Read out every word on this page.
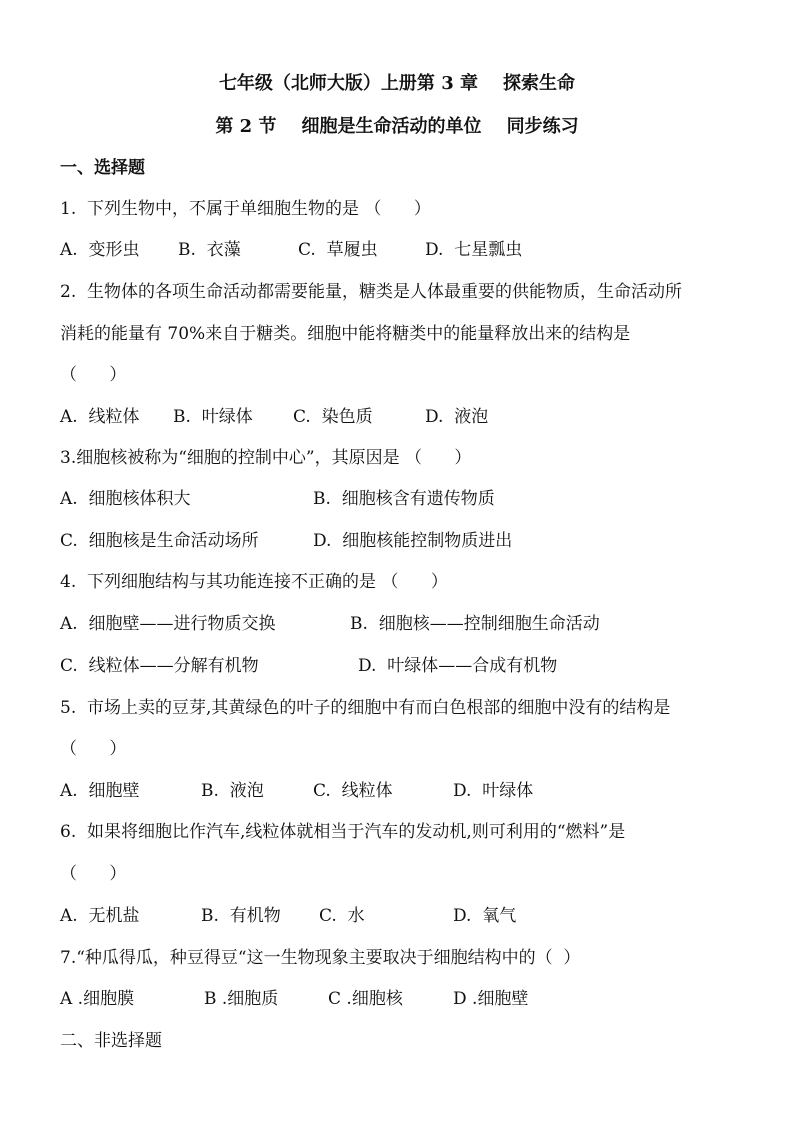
七年级（北师大版）上册第 3 章    探索生命
第 2 节    细胞是生命活动的单位    同步练习
一、选择题
1.  下列生物中，不属于单细胞生物的是 （      ）
A.  变形虫 B.  衣藻	C.  草履虫	D.  七星瓢虫
2.  生物体的各项生命活动都需要能量，糖类是人体最重要的供能物质，生命活动所
消耗的能量有 70%来自于糖类。细胞中能将糖类中的能量释放出来的结构是
（      ）
A.  线粒体 B.  叶绿体 C.  染色质	D.  液泡
3.细胞核被称为“细胞的控制中心”，其原因是 （      ）
A.  细胞核体积大	B.  细胞核含有遗传物质
C.  细胞核是生命活动场所	D.  细胞核能控制物质进出
4.  下列细胞结构与其功能连接不正确的是 （      ）
A.  细胞壁——进行物质交换	B.  细胞核——控制细胞生命活动
C.  线粒体——分解有机物	D.  叶绿体——合成有机物
5.  市场上卖的豆芽,其黄绿色的叶子的细胞中有而白色根部的细胞中没有的结构是
（      ）
A.  细胞壁	B.  液泡	C.  线粒体	D.  叶绿体
6.  如果将细胞比作汽车,线粒体就相当于汽车的发动机,则可利用的“燃料”是
（      ）
A.  无机盐	B.  有机物 C.  水	D.  氧气
7.“种瓜得瓜，种豆得豆“这一生物现象主要取决于细胞结构中的（  ）
A .细胞膜	B .细胞质	C .细胞核	D .细胞壁
二、非选择题
